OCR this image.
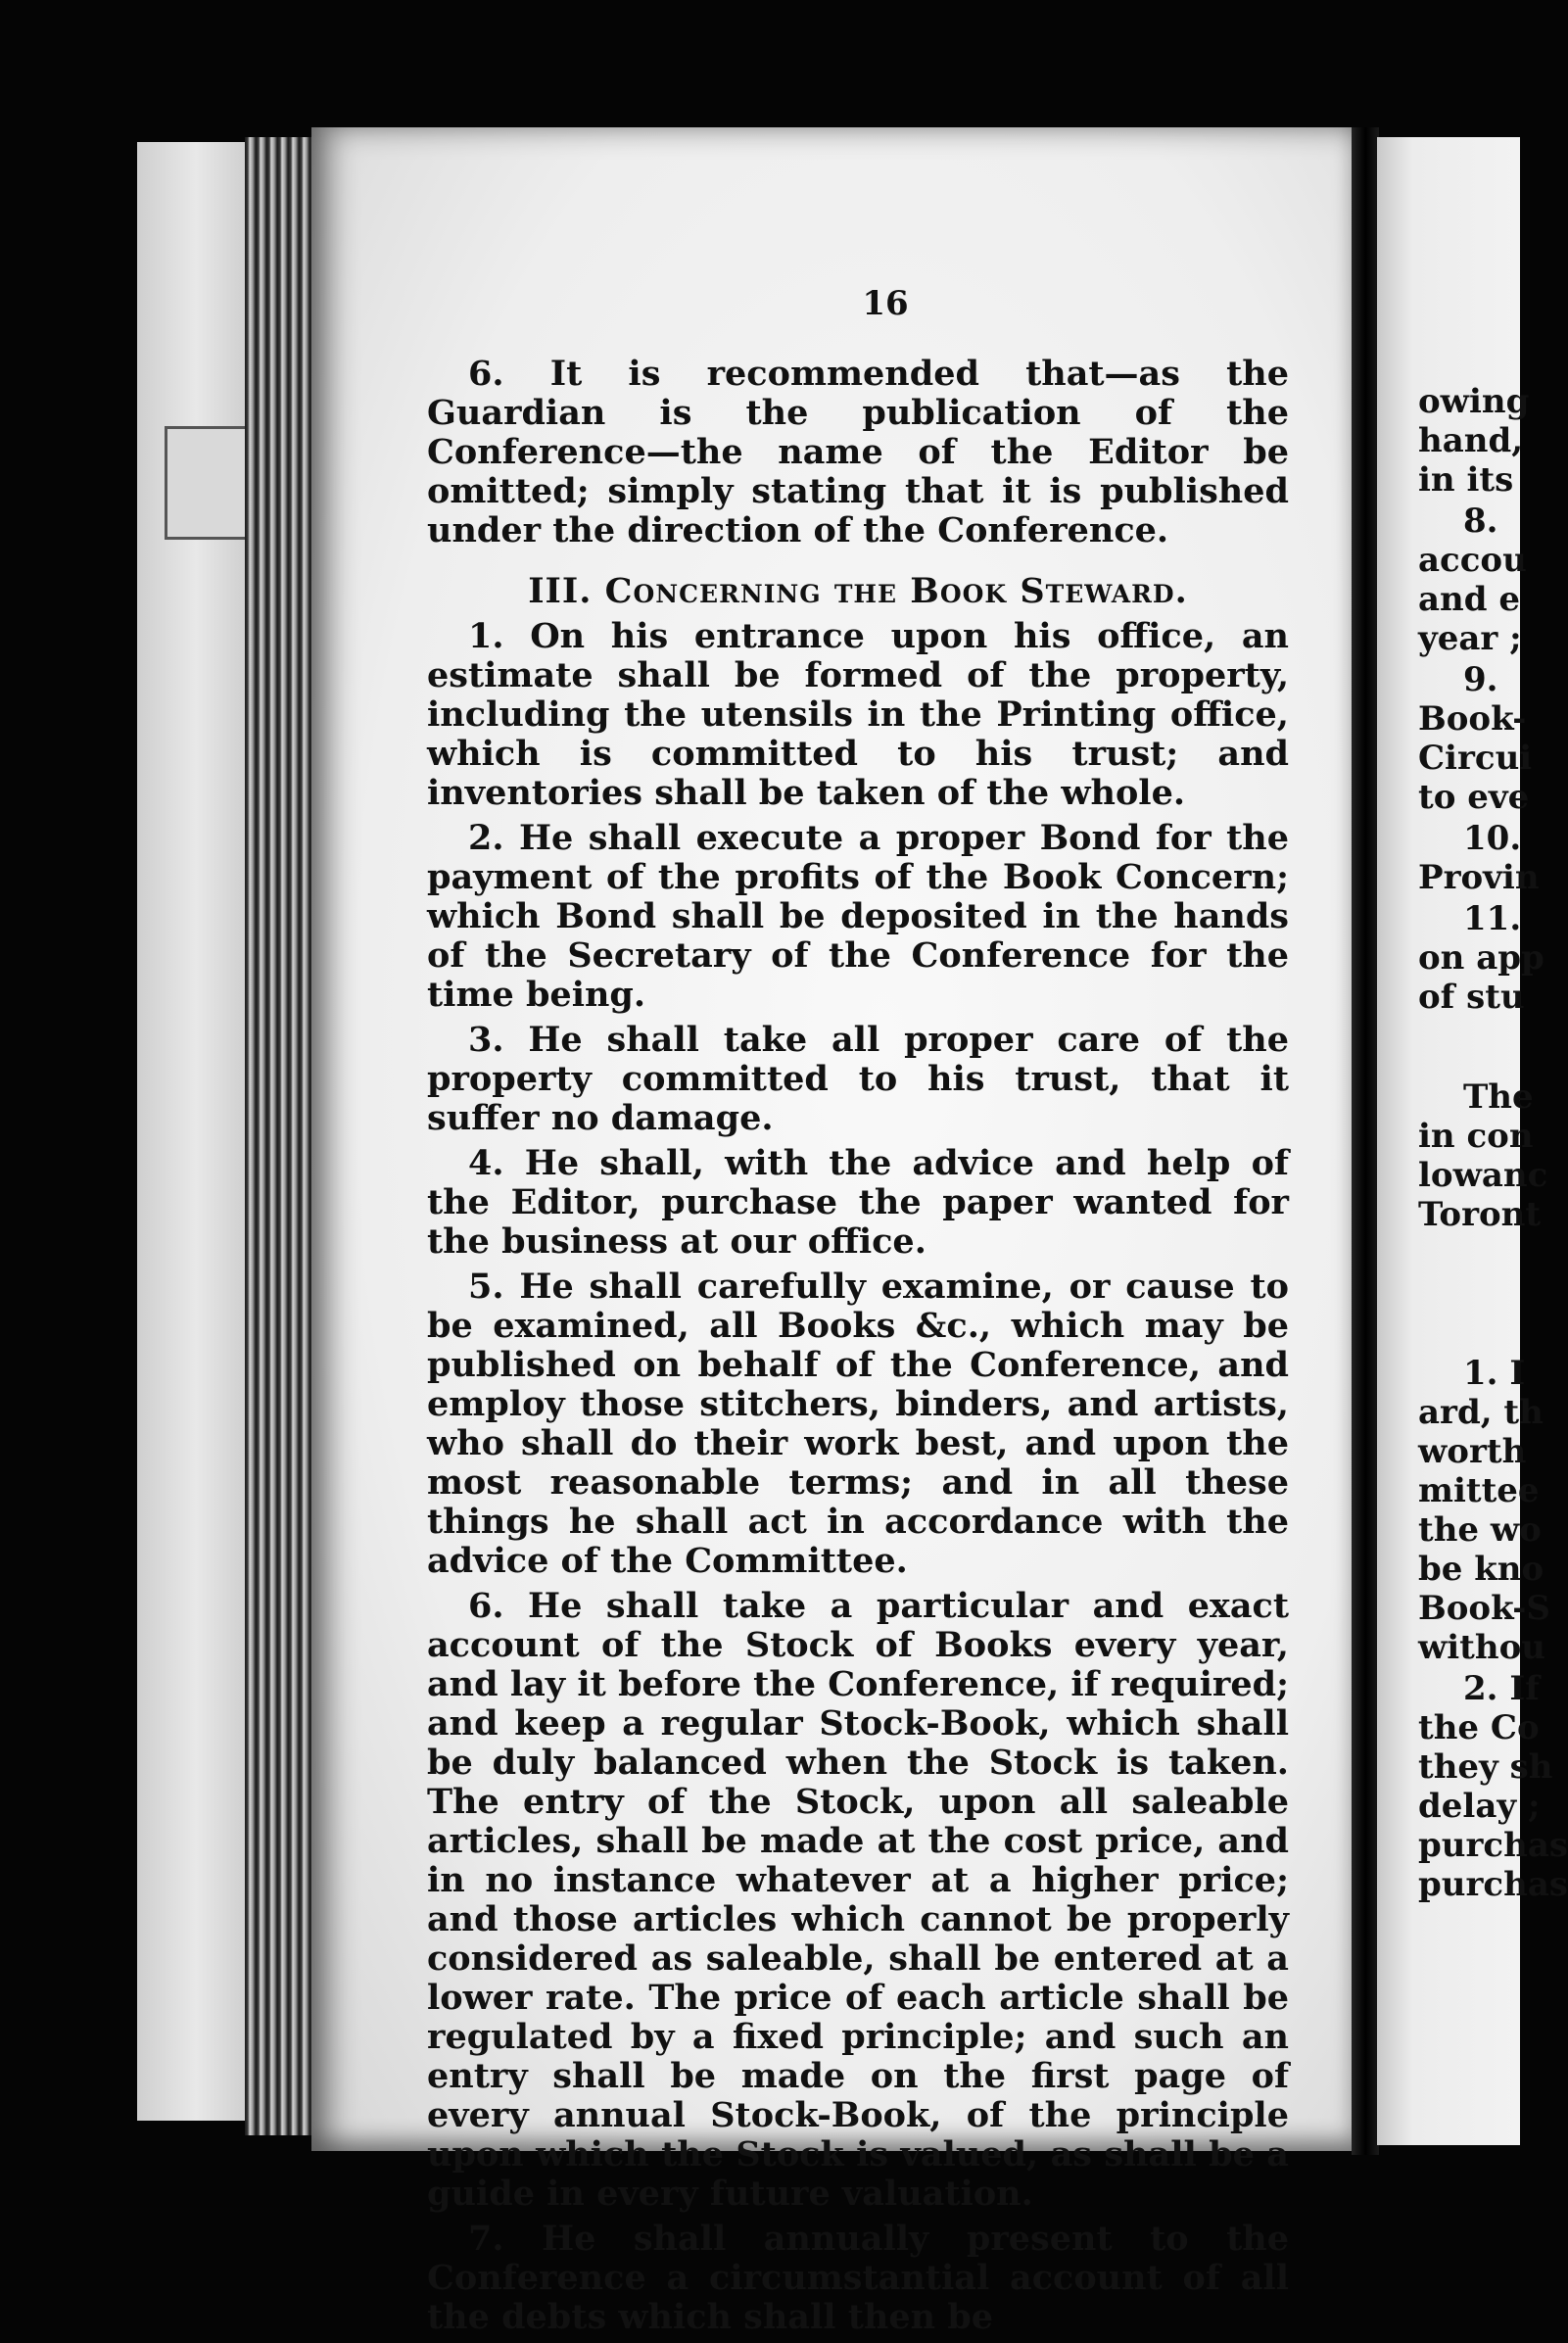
16

6. It is recommended that—as the Guardian is the publication of the Conference—the name of the Editor be omitted; simply stating that it is published under the direction of the Conference.

III. Concerning the Book Steward.

1. On his entrance upon his office, an estimate shall be formed of the property, including the utensils in the Printing office, which is committed to his trust; and inventories shall be taken of the whole.

2. He shall execute a proper Bond for the payment of the profits of the Book Concern; which Bond shall be deposited in the hands of the Secretary of the Conference for the time being.

3. He shall take all proper care of the property committed to his trust, that it suffer no damage.

4. He shall, with the advice and help of the Editor, purchase the paper wanted for the business at our office.

5. He shall carefully examine, or cause to be examined, all Books &c., which may be published on behalf of the Conference, and employ those stitchers, binders, and artists, who shall do their work best, and upon the most reasonable terms; and in all these things he shall act in accordance with the advice of the Committee.

6. He shall take a particular and exact account of the Stock of Books every year, and lay it before the Conference, if required; and keep a regular Stock-Book, which shall be duly balanced when the Stock is taken. The entry of the Stock, upon all saleable articles, shall be made at the cost price, and in no instance whatever at a higher price; and those articles which cannot be properly considered as saleable, shall be entered at a lower rate. The price of each article shall be regulated by a fixed principle; and such an entry shall be made on the first page of every annual Stock-Book, of the principle upon which the Stock is valued, as shall be a guide in every future valuation.

7. He shall annually present to the Conference a circumstantial account of all the debts which shall then be

owing
hand,
in its
8.
accou
and e
year ;
9.
Book-
Circui
to eve
10.
Provin
11.
on app
of stu
The
in con
lowanc
Toront
1. I
ard, th
worth
mittee
the wo
be kno
Book-S
withou
2. If
the Co
they sh
delay ;
purchas
purchas
